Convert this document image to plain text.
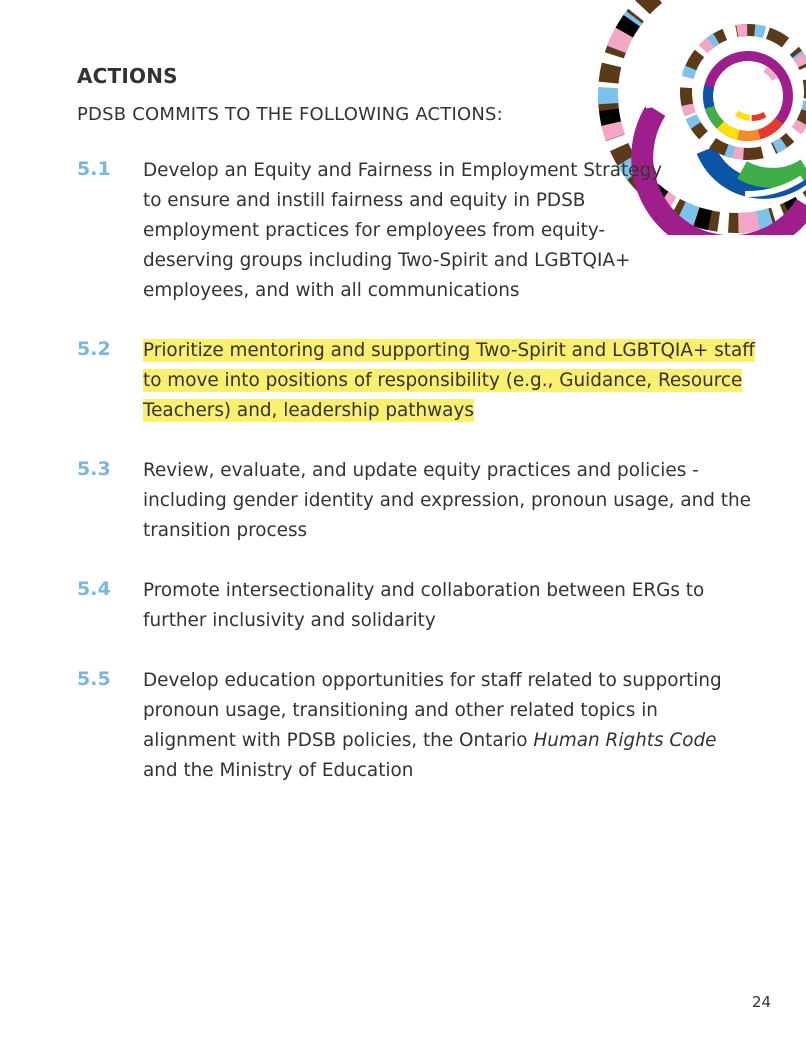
ACTIONS

PDSB COMMITS TO THE FOLLOWING ACTIONS:

5.1 Develop an Equity and Fairness in Employment Strategy to ensure and instill fairness and equity in PDSB employment practices for employees from equity-deserving groups including Two-Spirit and LGBTQIA+ employees, and with all communications

5.2 Prioritize mentoring and supporting Two-Spirit and LGBTQIA+ staff to move into positions of responsibility (e.g., Guidance, Resource Teachers) and, leadership pathways

5.3 Review, evaluate, and update equity practices and policies - including gender identity and expression, pronoun usage, and the transition process

5.4 Promote intersectionality and collaboration between ERGs to further inclusivity and solidarity

5.5 Develop education opportunities for staff related to supporting pronoun usage, transitioning and other related topics in alignment with PDSB policies, the Ontario Human Rights Code and the Ministry of Education

24
